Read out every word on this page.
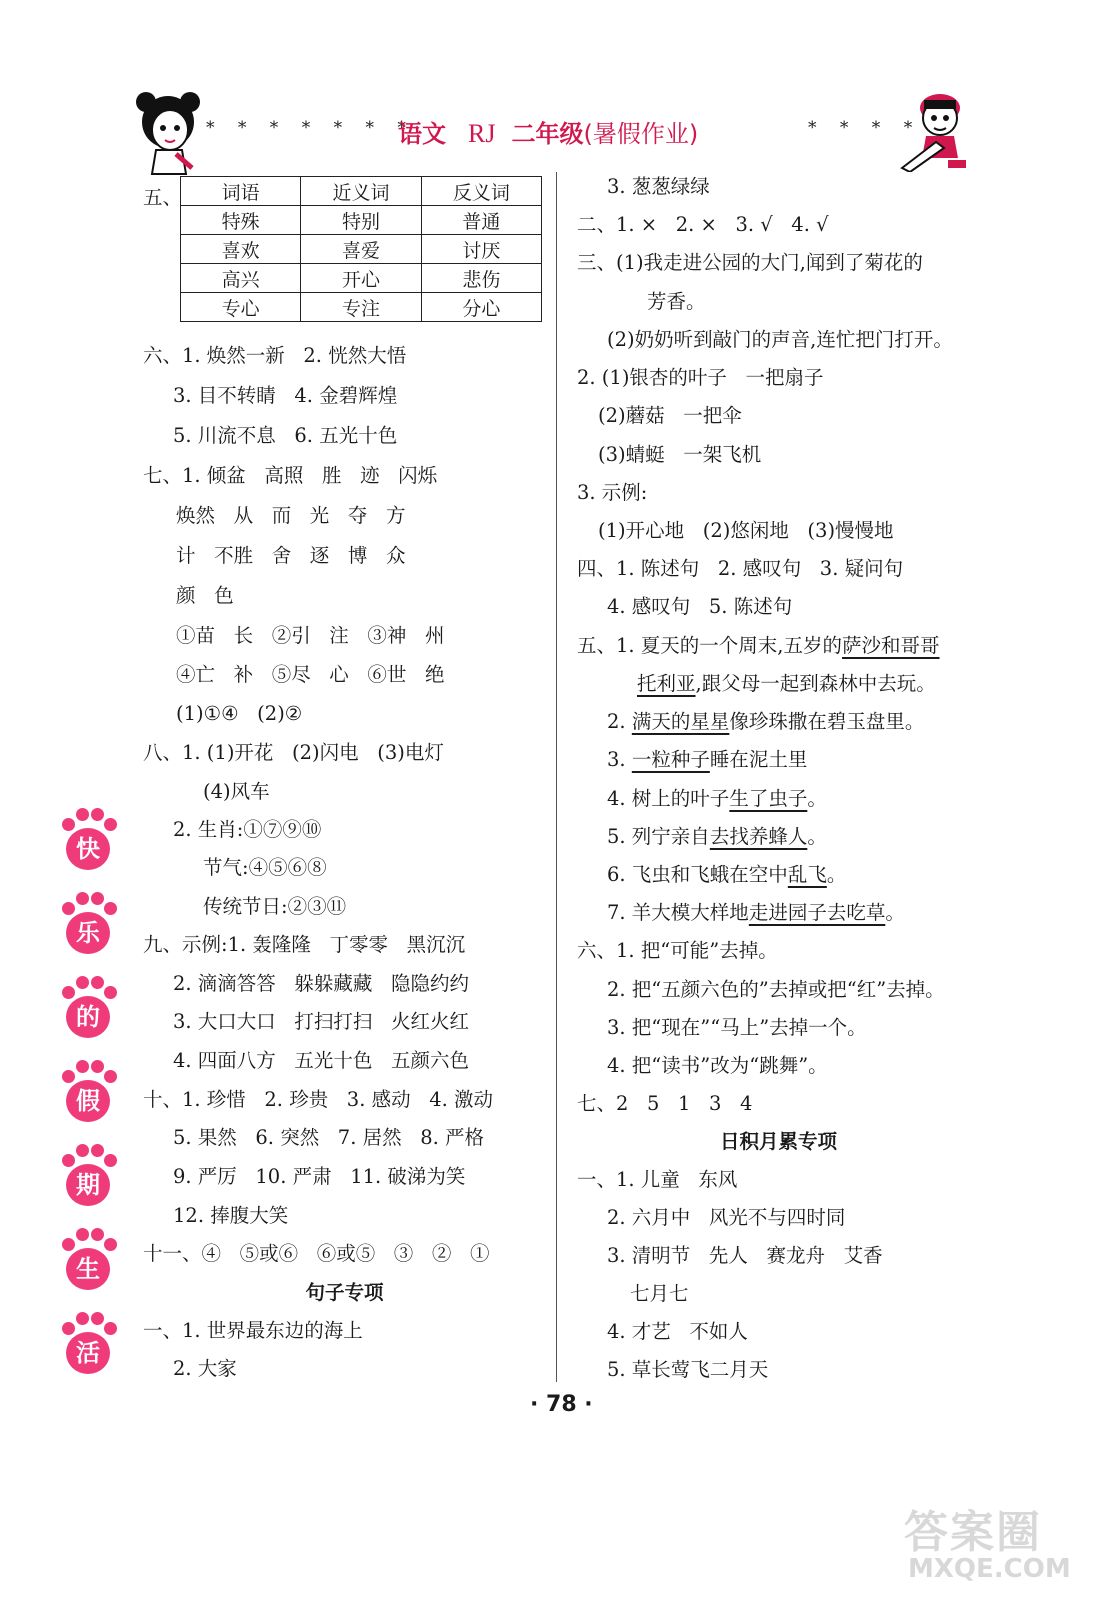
* * * * * * *
语文 RJ 二年级(暑假作业)	* * * *
五、 词语	近义词	反义词
特殊	特别	普通
喜欢	喜爱	讨厌
高兴	开心	悲伤
专心	专注	分心
六、1. 焕然一新   2. 恍然大悟
3. 目不转睛   4. 金碧辉煌
5. 川流不息   6. 五光十色
七、1. 倾盆   高照   胜   迹   闪烁
焕然   从   而   光   夺   方
计   不胜   舍   逐   博   众
颜   色
①苗   长   ②引   注   ③神   州
④亡   补   ⑤尽   心   ⑥世   绝
(1)①④   (2)②
八、1. (1)开花   (2)闪电   (3)电灯
(4)风车
2. 生肖:①⑦⑨⑩
节气:④⑤⑥⑧
传统节日:②③⑪
九、示例:1. 轰隆隆   丁零零   黑沉沉
2. 滴滴答答   躲躲藏藏   隐隐约约
3. 大口大口   打扫打扫   火红火红
4. 四面八方   五光十色   五颜六色
十、1. 珍惜   2. 珍贵   3. 感动   4. 激动
5. 果然   6. 突然   7. 居然   8. 严格
9. 严厉   10. 严肃   11. 破涕为笑
12. 捧腹大笑
十一、④   ⑤或⑥   ⑥或⑤   ③   ②   ①
句子专项
一、1. 世界最东边的海上
2. 大家
3. 葱葱绿绿
二、1. ×   2. ×   3. √   4. √
三、(1)我走进公园的大门,闻到了菊花的
芳香。
(2)奶奶听到敲门的声音,连忙把门打开。
2. (1)银杏的叶子   一把扇子
(2)蘑菇   一把伞
(3)蜻蜓   一架飞机
3. 示例:
(1)开心地   (2)悠闲地   (3)慢慢地
四、1. 陈述句   2. 感叹句   3. 疑问句
4. 感叹句   5. 陈述句
五、1. 夏天的一个周末,五岁的萨沙和哥哥
托利亚,跟父母一起到森林中去玩。
2. 满天的星星像珍珠撒在碧玉盘里。
3. 一粒种子睡在泥土里
4. 树上的叶子生了虫子。
5. 列宁亲自去找养蜂人。
6. 飞虫和飞蛾在空中乱飞。
7. 羊大模大样地走进园子去吃草。
六、1. 把“可能”去掉。
2. 把“五颜六色的”去掉或把“红”去掉。
3. 把“现在”“马上”去掉一个。
4. 把“读书”改为“跳舞”。
七、2   5   1   3   4
日积月累专项
一、1. 儿童   东风
2. 六月中   风光不与四时同
3. 清明节   先人   赛龙舟   艾香
七月七
4. 才艺   不如人
5. 草长莺飞二月天
快
乐
的
假
期
生
活
· 78 ·
答案圈
MXQE.COM
